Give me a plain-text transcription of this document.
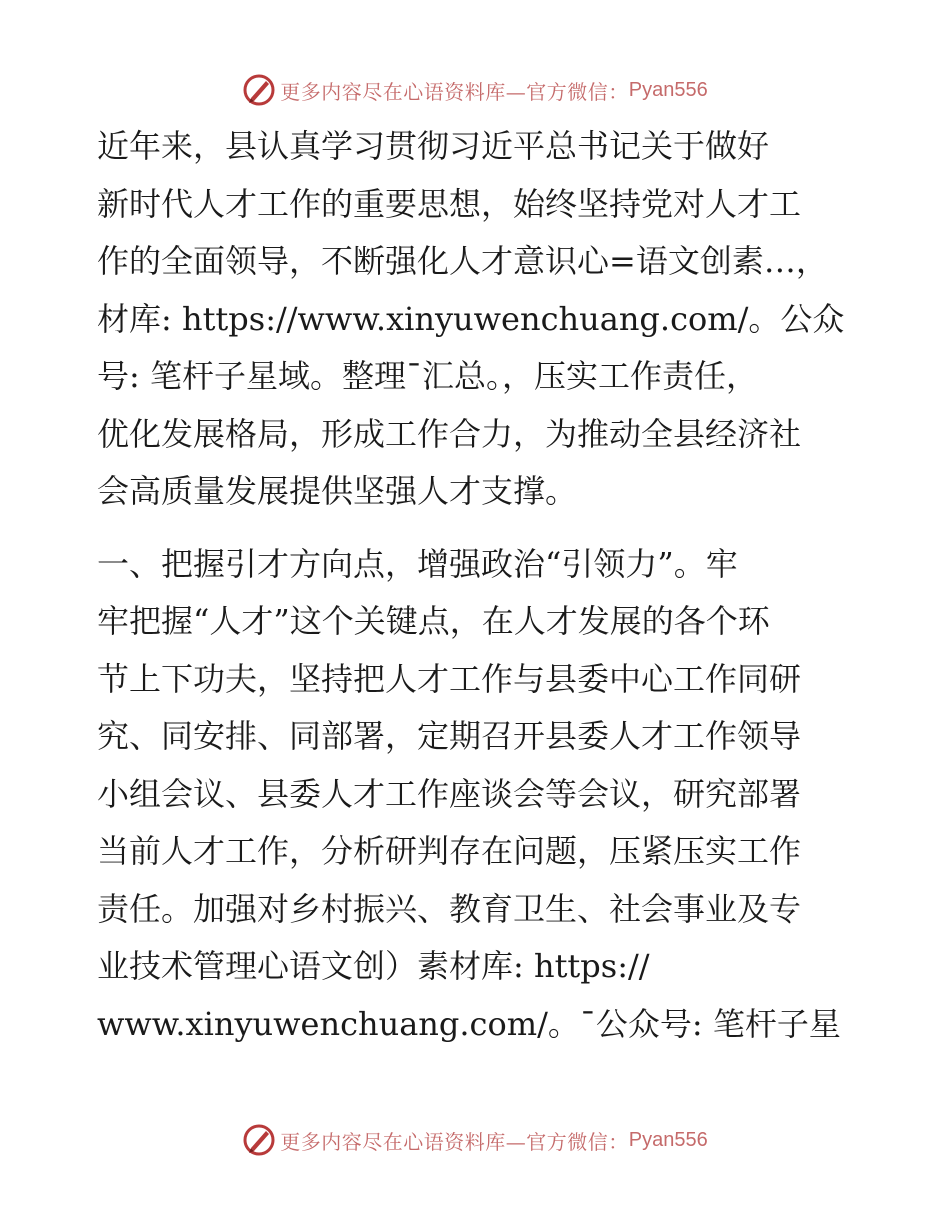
更多内容尽在心语资料库—官方微信： Pyan556

近年来，县认真学习贯彻习近平总书记关于做好
新时代人才工作的重要思想，始终坚持党对人才工
作的全面领导，不断强化人才意识心=语文创素…，
材库: https://www.xinyuwenchuang.com/。公众
号: 笔杆子星域。整理¯汇总。，压实工作责任，
优化发展格局，形成工作合力，为推动全县经济社
会高质量发展提供坚强人才支撑。

一、把握引才方向点，增强政治“引领力”。牢
牢把握“人才”这个关键点，在人才发展的各个环
节上下功夫，坚持把人才工作与县委中心工作同研
究、同安排、同部署，定期召开县委人才工作领导
小组会议、县委人才工作座谈会等会议，研究部署
当前人才工作，分析研判存在问题，压紧压实工作
责任。加强对乡村振兴、教育卫生、社会事业及专
业技术管理心语文创）素材库: https://
www.xinyuwenchuang.com/。¯公众号: 笔杆子星

更多内容尽在心语资料库—官方微信： Pyan556
